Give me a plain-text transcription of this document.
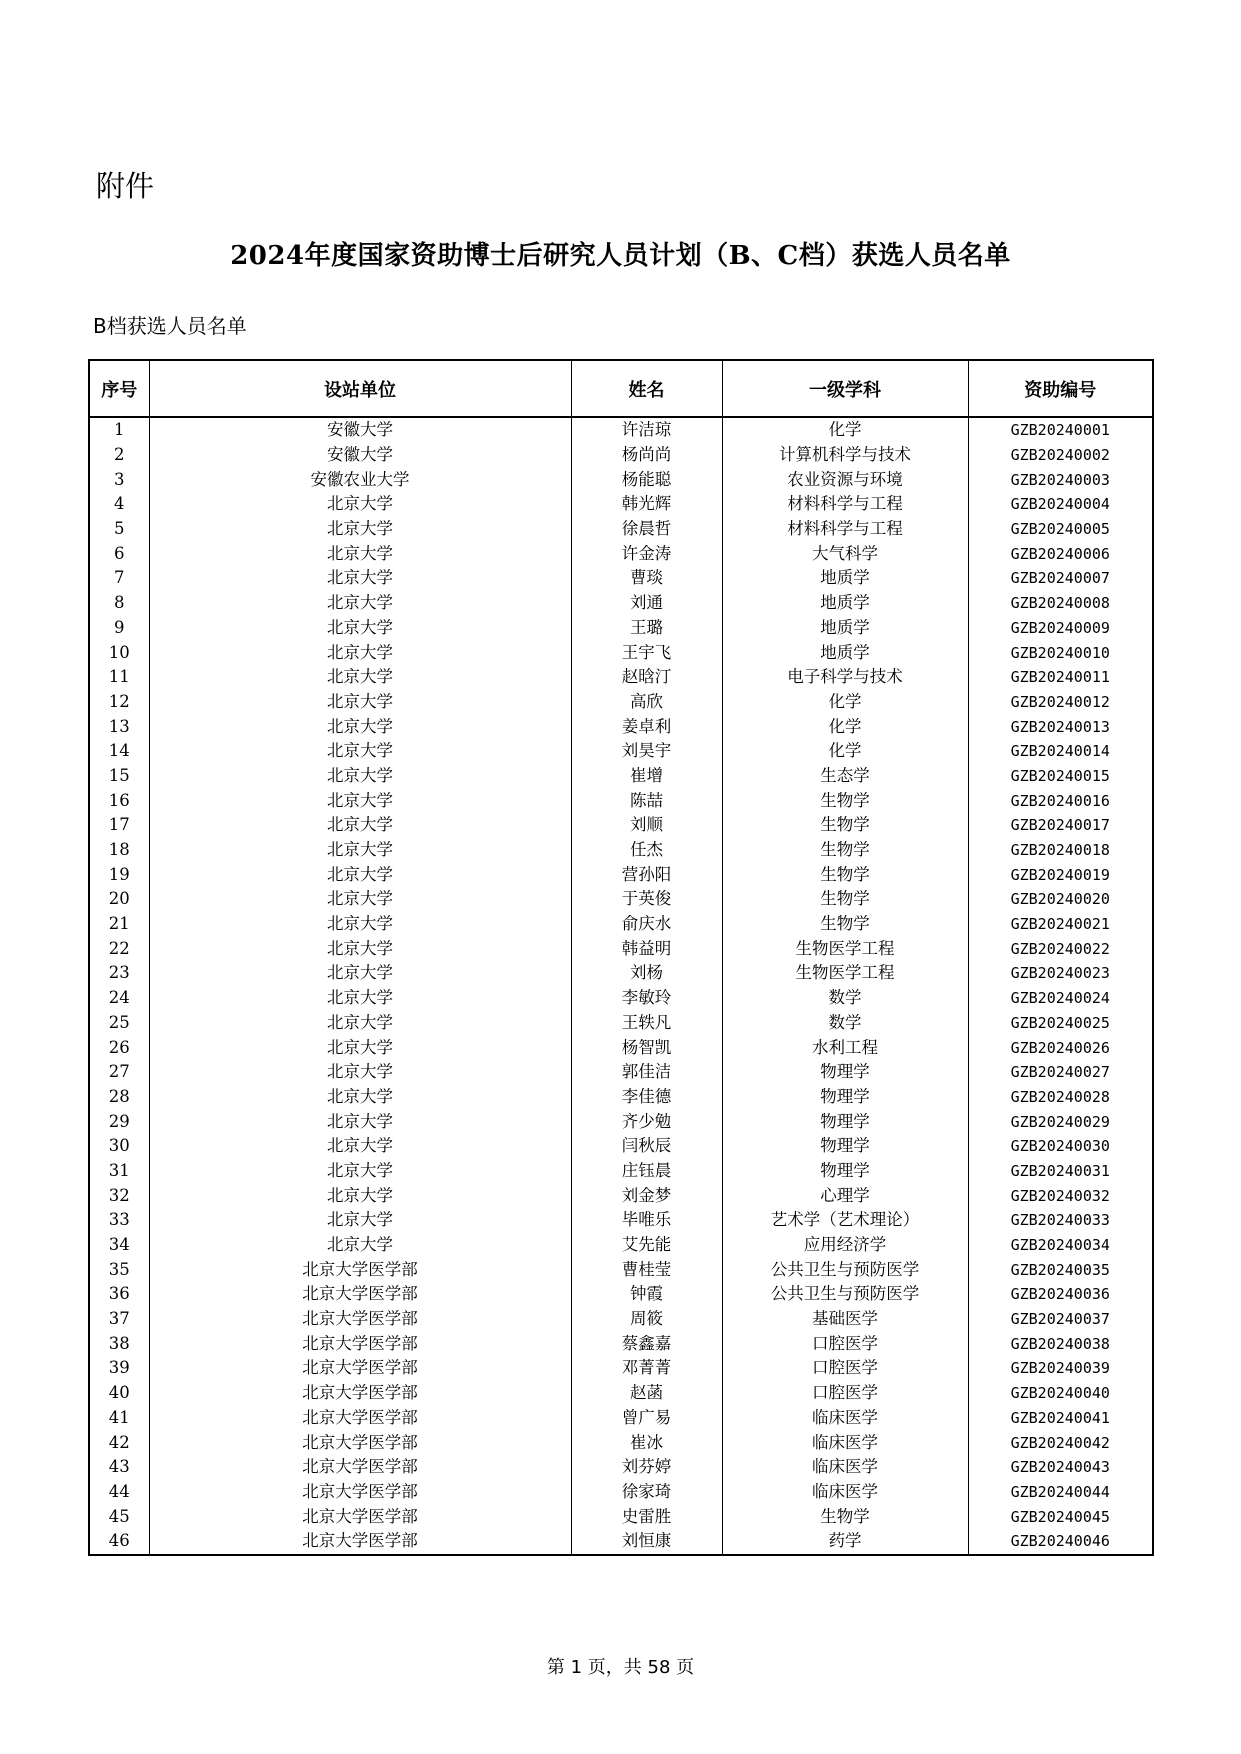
附件
2024年度国家资助博士后研究人员计划（B、C档）获选人员名单
B档获选人员名单
序号	设站单位	姓名	一级学科	资助编号
1	安徽大学	许洁琼	化学	GZB20240001
2	安徽大学	杨尚尚	计算机科学与技术	GZB20240002
3	安徽农业大学	杨能聪	农业资源与环境	GZB20240003
4	北京大学	韩光辉	材料科学与工程	GZB20240004
5	北京大学	徐晨哲	材料科学与工程	GZB20240005
6	北京大学	许金涛	大气科学	GZB20240006
7	北京大学	曹琰	地质学	GZB20240007
8	北京大学	刘通	地质学	GZB20240008
9	北京大学	王璐	地质学	GZB20240009
10	北京大学	王宇飞	地质学	GZB20240010
11	北京大学	赵晗汀	电子科学与技术	GZB20240011
12	北京大学	高欣	化学	GZB20240012
13	北京大学	姜卓利	化学	GZB20240013
14	北京大学	刘昊宇	化学	GZB20240014
15	北京大学	崔增	生态学	GZB20240015
16	北京大学	陈喆	生物学	GZB20240016
17	北京大学	刘顺	生物学	GZB20240017
18	北京大学	任杰	生物学	GZB20240018
19	北京大学	营孙阳	生物学	GZB20240019
20	北京大学	于英俊	生物学	GZB20240020
21	北京大学	俞庆水	生物学	GZB20240021
22	北京大学	韩益明	生物医学工程	GZB20240022
23	北京大学	刘杨	生物医学工程	GZB20240023
24	北京大学	李敏玲	数学	GZB20240024
25	北京大学	王轶凡	数学	GZB20240025
26	北京大学	杨智凯	水利工程	GZB20240026
27	北京大学	郭佳洁	物理学	GZB20240027
28	北京大学	李佳德	物理学	GZB20240028
29	北京大学	齐少勉	物理学	GZB20240029
30	北京大学	闫秋辰	物理学	GZB20240030
31	北京大学	庄钰晨	物理学	GZB20240031
32	北京大学	刘金梦	心理学	GZB20240032
33	北京大学	毕唯乐	艺术学（艺术理论）	GZB20240033
34	北京大学	艾先能	应用经济学	GZB20240034
35	北京大学医学部	曹桂莹	公共卫生与预防医学	GZB20240035
36	北京大学医学部	钟霞	公共卫生与预防医学	GZB20240036
37	北京大学医学部	周筱	基础医学	GZB20240037
38	北京大学医学部	蔡鑫嘉	口腔医学	GZB20240038
39	北京大学医学部	邓菁菁	口腔医学	GZB20240039
40	北京大学医学部	赵菡	口腔医学	GZB20240040
41	北京大学医学部	曾广易	临床医学	GZB20240041
42	北京大学医学部	崔冰	临床医学	GZB20240042
43	北京大学医学部	刘芬婷	临床医学	GZB20240043
44	北京大学医学部	徐家琦	临床医学	GZB20240044
45	北京大学医学部	史雷胜	生物学	GZB20240045
46	北京大学医学部	刘恒康	药学	GZB20240046
第 1 页，共 58 页
